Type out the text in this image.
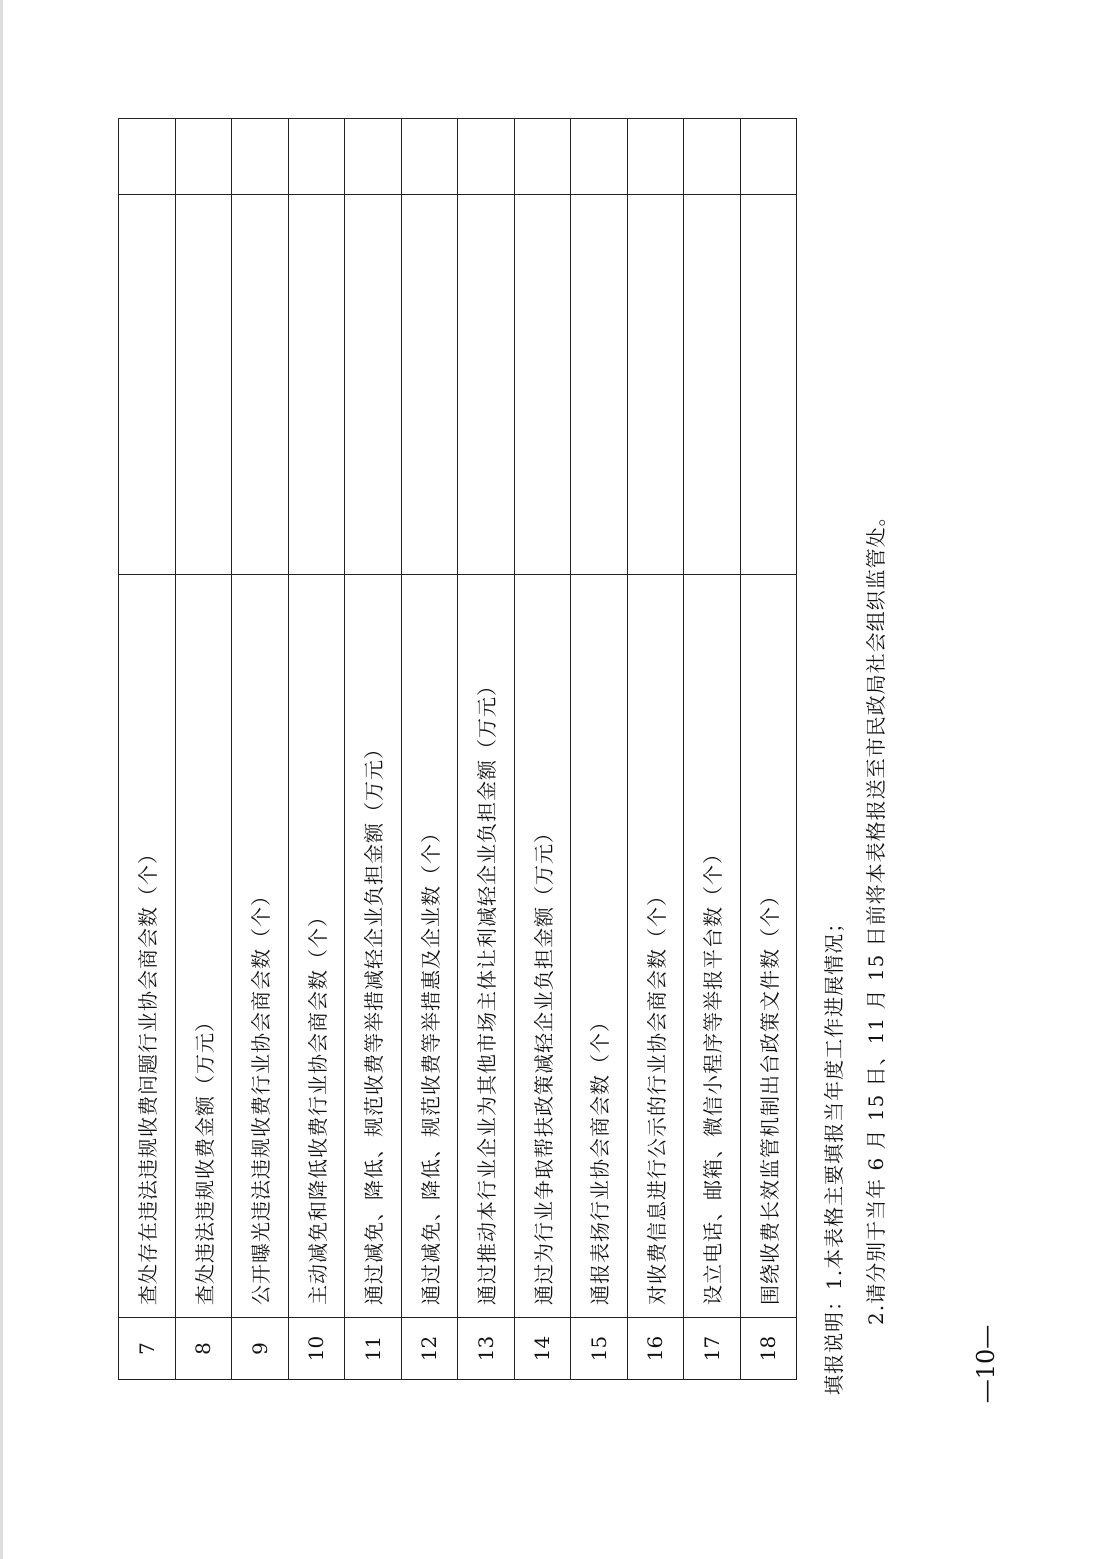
7	查处存在违法违规收费问题行业协会商会数（个）		
8	查处违法违规收费金额（万元）		
9	公开曝光违法违规收费行业协会商会数（个）		
10	主动减免和降低收费行业协会商会数（个）		
11	通过减免、降低、规范收费等举措减轻企业负担金额（万元）		
12	通过减免、降低、规范收费等举措惠及企业数（个）		
13	通过推动本行业企业为其他市场主体让利减轻企业负担金额（万元）		
14	通过为行业争取帮扶政策减轻企业负担金额（万元）		
15	通报表扬行业协会商会数（个）		
16	对收费信息进行公示的行业协会商会数（个）		
17	设立电话、邮箱、微信小程序等举报平台数（个）		
18	围绕收费长效监管机制出台政策文件数（个）		填报说明：1.本表格主要填报当年度工作进展情况； 2.请分别于当年 6 月 15 日、11 月 15 日前将本表格报送至市民政局社会组织监管处。
—10—
